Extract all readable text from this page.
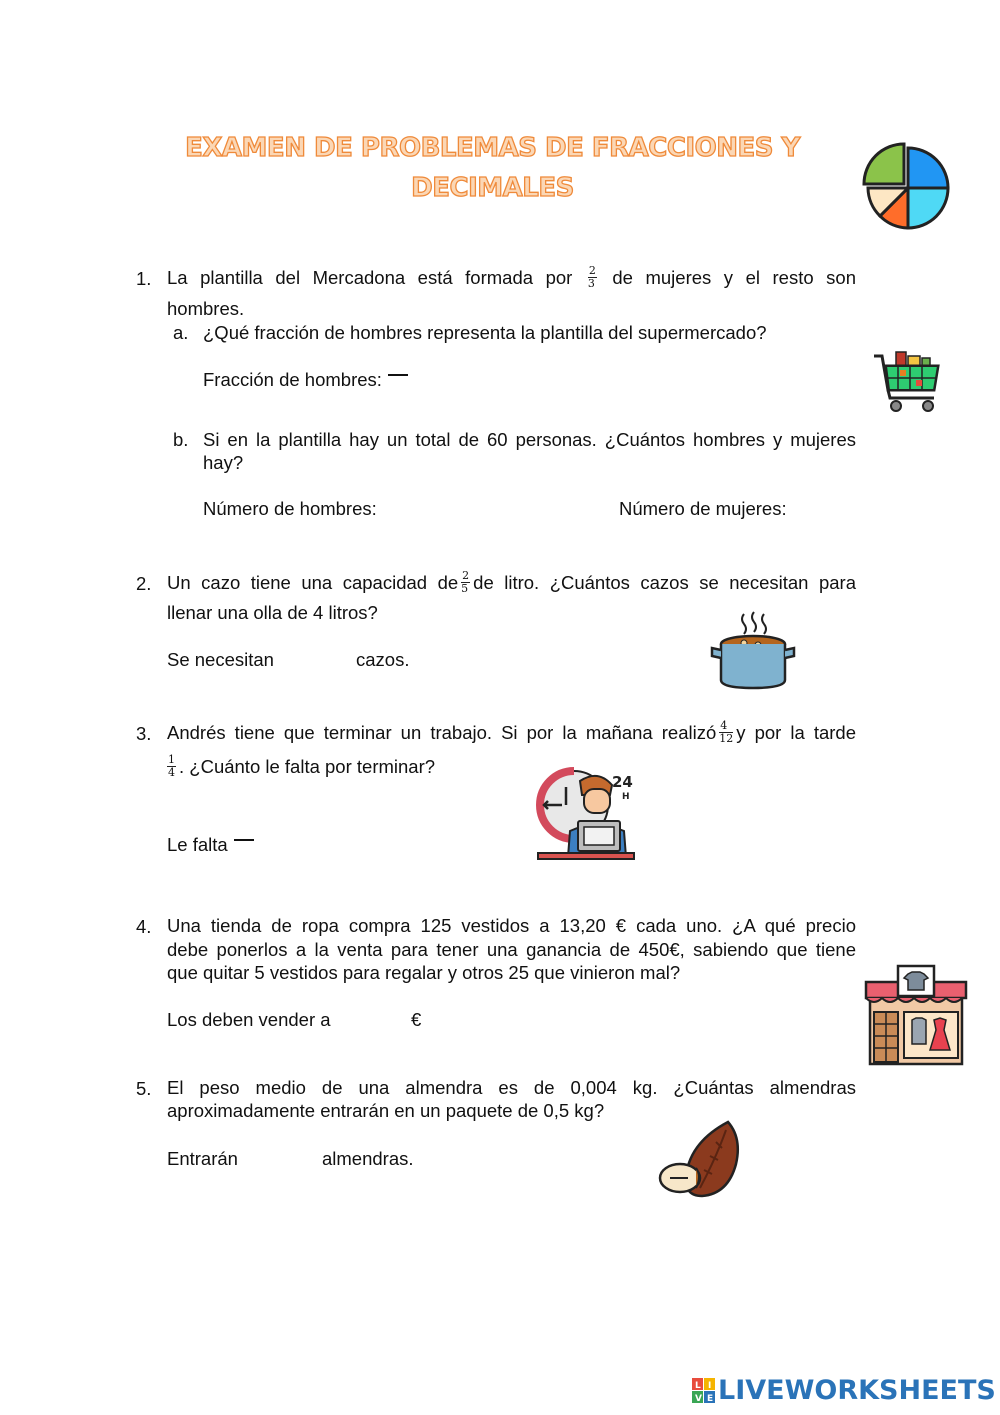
EXAMEN DE PROBLEMAS DE FRACCIONES Y DECIMALES
1. La plantilla del Mercadona está formada por $\frac{2}{3}$ de mujeres y el resto son
hombres.
a. ¿Qué fracción de hombres representa la plantilla del supermercado?
Fracción de hombres:
b. Si en la plantilla hay un total de 60 personas. ¿Cuántos hombres y mujeres
hay?
Número de hombres:	Número de mujeres:
2. Un cazo tiene una capacidad de $\frac{2}{5}$ de litro. ¿Cuántos cazos se necesitan para
llenar una olla de 4 litros?
Se necesitan	cazos.
3. Andrés tiene que terminar un trabajo. Si por la mañana realizó $\frac{4}{12}$ y por la tarde
$\frac{1}{4}$ . ¿Cuánto le falta por terminar?
Le falta
24
H
4. Una tienda de ropa compra 125 vestidos a 13,20 € cada uno. ¿A qué precio
debe ponerlos a la venta para tener una ganancia de 450€, sabiendo que tiene
que quitar 5 vestidos para regalar y otros 25 que vinieron mal?
Los deben vender a	€
5. El peso medio de una almendra es de 0,004 kg. ¿Cuántas almendras
aproximadamente entrarán en un paquete de 0,5 kg?
Entrarán	almendras.
L I
V E LIVEWORKSHEETS
